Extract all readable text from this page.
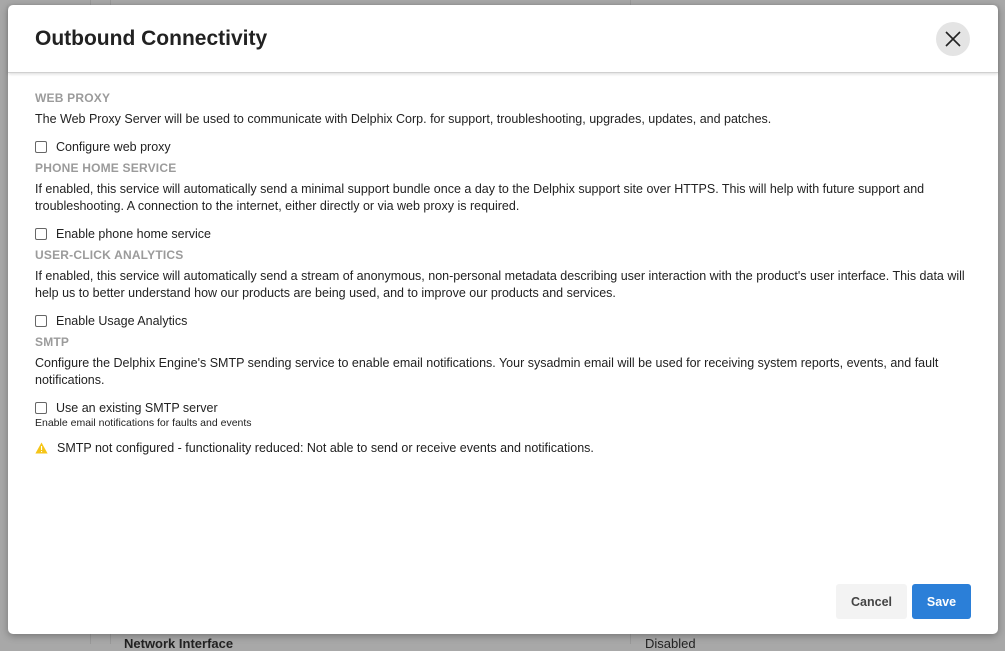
Network Interface	Disabled
Outbound Connectivity
WEB PROXY

The Web Proxy Server will be used to communicate with Delphix Corp. for support, troubleshooting, upgrades, updates, and patches.

Configure web proxy
PHONE HOME SERVICE

If enabled, this service will automatically send a minimal support bundle once a day to the Delphix support site over HTTPS. This will help with future support and troubleshooting. A connection to the internet, either directly or via web proxy is required.

Enable phone home service
USER-CLICK ANALYTICS

If enabled, this service will automatically send a stream of anonymous, non-personal metadata describing user interaction with the product's user interface. This data will help us to better understand how our products are being used, and to improve our products and services.

Enable Usage Analytics
SMTP

Configure the Delphix Engine's SMTP sending service to enable email notifications. Your sysadmin email will be used for receiving system reports, events, and fault notifications.

Use an existing SMTP server
Enable email notifications for faults and events
SMTP not configured - functionality reduced: Not able to send or receive events and notifications.
Cancel	Save
